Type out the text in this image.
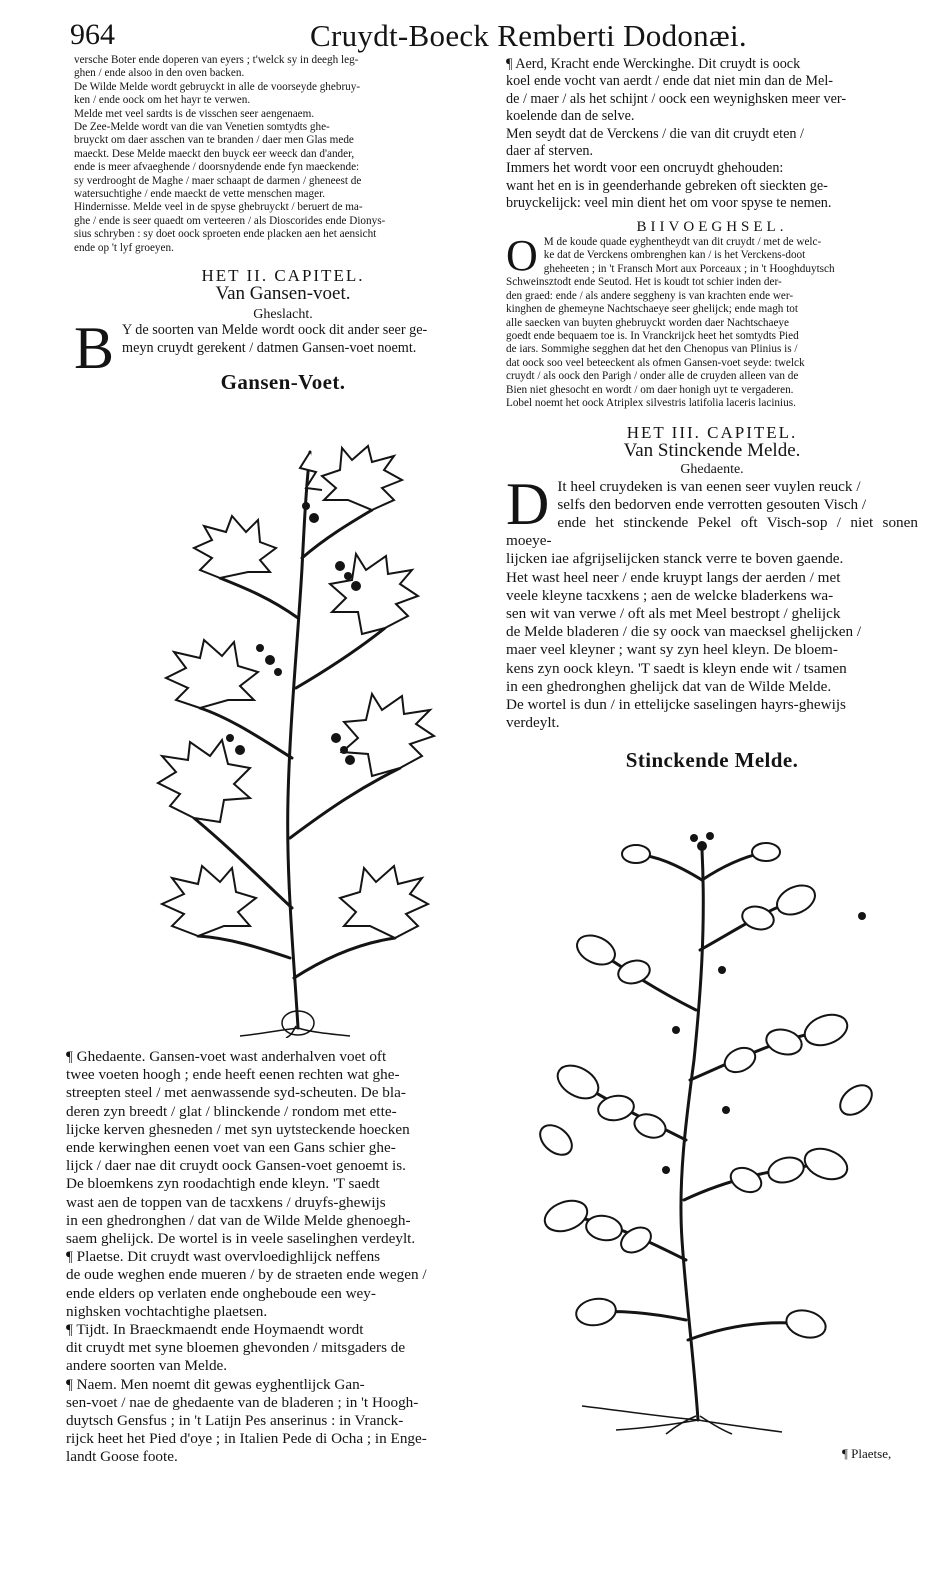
964	Cruydt-Boeck Remberti Dodonæi.

versche Boter ende doperen van eyers ; t'welck sy in deegh leg-

ghen / ende alsoo in den oven backen.

De Wilde Melde wordt gebruyckt in alle de voorseyde ghebruy-

ken / ende oock om het hayr te verwen.

Melde met veel sardts is de visschen seer aengenaem.

De Zee-Melde wordt van die van Venetien somtydts ghe-

bruyckt om daer asschen van te branden / daer men Glas mede

maeckt. Dese Melde maeckt den buyck eer weeck dan d'ander,

ende is meer afvaeghende / doorsnydende ende fyn maeckende:

sy verdrooght de Maghe / maer schaapt de darmen / gheneest de

watersuchtighe / ende maeckt de vette menschen mager.

Hindernisse. Melde veel in de spyse ghebruyckt / beruert de ma-

ghe / ende is seer quaedt om verteeren / als Dioscorides ende Dionys-

sius schryben : sy doet oock sproeten ende placken aen het aensicht

ende op 't lyf groeyen.

HET II. CAPITEL.

Van Gansen-voet.

Gheslacht.

B Y de soorten van Melde wordt oock dit ander seer ge-

meyn cruydt gerekent / datmen Gansen-voet noemt.

Gansen-Voet.

¶ Ghedaente. Gansen-voet wast anderhalven voet oft

twee voeten hoogh ; ende heeft eenen rechten wat ghe-

streepten steel / met aenwassende syd-scheuten. De bla-

deren zyn breedt / glat / blinckende / rondom met ette-

lijcke kerven ghesneden / met syn uytsteckende hoecken

ende kerwinghen eenen voet van een Gans schier ghe-

lijck / daer nae dit cruydt oock Gansen-voet genoemt is.

De bloemkens zyn roodachtigh ende kleyn. 'T saedt

wast aen de toppen van de tacxkens / druyfs-ghewijs

in een ghedronghen / dat van de Wilde Melde ghenoegh-

saem ghelijck. De wortel is in veele saselinghen verdeylt.

¶ Plaetse. Dit cruydt wast overvloedighlijck neffens

de oude weghen ende mueren / by de straeten ende wegen /

ende elders op verlaten ende ongheboude een wey-

nighsken vochtachtighe plaetsen.

¶ Tijdt. In Braeckmaendt ende Hoymaendt wordt

dit cruydt met syne bloemen ghevonden / mitsgaders de

andere soorten van Melde.

¶ Naem. Men noemt dit gewas eyghentlijck Gan-

sen-voet / nae de ghedaente van de bladeren ; in 't Hoogh-

duytsch Gensfus ; in 't Latijn Pes anserinus : in Vranck-

rijck heet het Pied d'oye ; in Italien Pede di Ocha ; in Enge-

landt Goose foote.

¶ Aerd, Kracht ende Werckinghe. Dit cruydt is oock

koel ende vocht van aerdt / ende dat niet min dan de Mel-

de / maer / als het schijnt / oock een weynighsken meer ver-

koelende dan de selve.

Men seydt dat de Verckens / die van dit cruydt eten /

daer af sterven.

Immers het wordt voor een oncruydt ghehouden:

want het en is in geenderhande gebreken oft sieckten ge-

bruyckelijck: veel min dient het om voor spyse te nemen.

BIIVOEGHSEL.

O M de koude quade eyghentheydt van dit cruydt / met de welc-

ke dat de Verckens ombrenghen kan / is het Verckens-doot

gheheeten ; in 't Fransch Mort aux Porceaux ; in 't Hooghduytsch

Schweinsztodt ende Seutod. Het is koudt tot schier inden der-

den graed: ende / als andere seggheny is van krachten ende wer-

kinghen de ghemeyne Nachtschaeye seer ghelijck; ende magh tot

alle saecken van buyten ghebruyckt worden daer Nachtschaeye

goedt ende bequaem toe is. In Vranckrijck heet het somtydts Pied

de iars. Sommighe segghen dat het den Chenopus van Plinius is /

dat oock soo veel beteeckent als ofmen Gansen-voet seyde: twelck

cruydt / als oock den Parigh / onder alle de cruyden alleen van de

Bien niet ghesocht en wordt / om daer honigh uyt te vergaderen.

Lobel noemt het oock Atriplex silvestris latifolia laceris lacinius.

HET III. CAPITEL.

Van Stinckende Melde.

Ghedaente.

D It heel cruydeken is van eenen seer vuylen reuck /

selfs den bedorven ende verrotten gesouten Visch /

ende het stinckende Pekel oft Visch-sop / niet sonen moeye-

lijcken iae afgrijselijcken stanck verre te boven gaende.

Het wast heel neer / ende kruypt langs der aerden / met

veele kleyne tacxkens ; aen de welcke bladerkens wa-

sen wit van verwe / oft als met Meel bestropt / ghelijck

de Melde bladeren / die sy oock van maecksel ghelijcken /

maer veel kleyner ; want sy zyn heel kleyn. De bloem-

kens zyn oock kleyn. 'T saedt is kleyn ende wit / tsamen

in een ghedronghen ghelijck dat van de Wilde Melde.

De wortel is dun / in ettelijcke saselingen hayrs-ghewijs

verdeylt.

Stinckende Melde.

¶ Plaetse,
